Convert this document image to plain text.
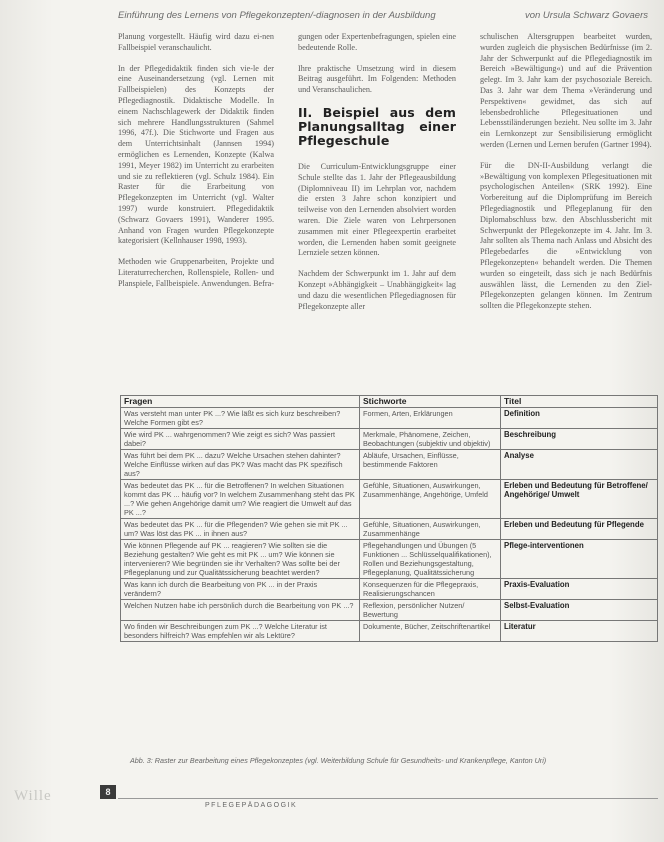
Einführung des Lernens von Pflegekonzepten/-diagnosen in der Ausbildung	von Ursula Schwarz Govaers

Planung vorgestellt. Häufig wird dazu ei-nen Fallbeispiel veranschaulicht.

In der Pflegedidaktik finden sich vie-le der eine Auseinandersetzung (vgl. Lernen mit Fallbeispielen) des Konzepts der Pflegediagnostik. Didaktische Modelle. In einem Nachschlagewerk der Didaktik finden sich mehrere Handlungsstrukturen (Sahmel 1996, 47f.). Die Stichworte und Fragen aus dem Unterrichtsinhalt (Jannsen 1994) ermöglichen es Lernenden, Konzepte (Kalwa 1991, Meyer 1982) im Unterricht zu erarbeiten und sie zu reflektieren (vgl. Schulz 1984). Ein Raster für die Erarbeitung von Pflegekonzepten im Unterricht (vgl. Walter 1997) wurde konstruiert. Pflegedidaktik (Schwarz Govaers 1991), Wanderer 1995. Anhand von Fragen wurden Pflegekonzepte kategorisiert (Kellnhauser 1998, 1993).

Methoden wie Gruppenarbeiten, Projekte und Literaturrecherchen, Rollenspiele, Rollen- und Planspiele, Fallbeispiele. Anwendungen. Befra-

gungen oder Expertenbefragungen, spielen eine bedeutende Rolle.

Ihre praktische Umsetzung wird in diesem Beitrag ausgeführt. Im Folgenden: Methoden und Veranschaulichen.

II. Beispiel aus dem Planungsalltag einer Pflegeschule

Die Curriculum-Entwicklungsgruppe einer Schule stellte das 1. Jahr der Pflegeausbildung (Diplomniveau II) im Lehrplan vor, nachdem die ersten 3 Jahre schon konzipiert und teilweise von den Lernenden absolviert worden waren. Die Ziele waren von Lehrpersonen zusammen mit einer Pflegeexpertin erarbeitet worden, die Lernenden haben somit geeignete Lernziele setzen können.

Nachdem der Schwerpunkt im 1. Jahr auf dem Konzept »Abhängigkeit – Unabhängigkeit« lag und dazu die wesentlichen Pflegediagnosen für Pflegekonzepte aller

schulischen Altersgruppen bearbeitet wurden, wurden zugleich die physischen Bedürfnisse (im 2. Jahr der Schwerpunkt auf die Pflegediagnostik im Bereich »Bewältigung«) und auf die Prävention gelegt. Im 3. Jahr kam der psychosoziale Bereich. Das 3. Jahr war dem Thema »Veränderung und Perspektiven« gewidmet, das sich auf lebensbedrohliche Pflegesituationen und Lebensstiländerungen bezieht. Neu sollte im 3. Jahr ein Lernkonzept zur Sensibilisierung ermöglicht werden (Lernen und Lernen berufen (Gartner 1994).

Für die DN-II-Ausbildung verlangt die »Bewältigung von komplexen Pflegesituationen mit psychologischen Anteilen« (SRK 1992). Eine Vorbereitung auf die Diplomprüfung im Bereich Pflegediagnostik und Pflegeplanung für den Diplomabschluss bzw. den Abschlussbericht mit Schwerpunkt der Pflegekonzepte im 4. Jahr. Im 3. Jahr sollten als Thema nach Anlass und Absicht des Pflegebedarfes die »Entwicklung von Pflegekonzepten« behandelt werden. Die Themen wurden so eingeteilt, dass sich je nach Bedürfnis auswählen lässt, die Lernenden zu den Ziel-Pflegekonzepten gelangen können. Im Zentrum sollten die Pflegekonzepte stehen.

Fragen	Stichworte	Titel
Was versteht man unter PK ...? Wie läßt es sich kurz beschreiben? Welche Formen gibt es?	Formen, Arten, Erklärungen	Definition
Wie wird PK ... wahrgenommen? Wie zeigt es sich? Was passiert dabei?	Merkmale, Phänomene, Zeichen, Beobachtungen (subjektiv und objektiv)	Beschreibung
Was führt bei dem PK ... dazu? Welche Ursachen stehen dahinter? Welche Einflüsse wirken auf das PK? Was macht das PK spezifisch aus?	Abläufe, Ursachen, Einflüsse, bestimmende Faktoren	Analyse
Was bedeutet das PK ... für die Betroffenen? In welchen Situationen kommt das PK ... häufig vor? In welchem Zusammenhang steht das PK ...? Wie gehen Angehörige damit um? Wie reagiert die Umwelt auf das PK ...?	Gefühle, Situationen, Auswirkungen, Zusammenhänge, Angehörige, Umfeld	Erleben und Bedeutung für Betroffene/ Angehörige/ Umwelt
Was bedeutet das PK ... für die Pflegenden? Wie gehen sie mit PK ... um? Was löst das PK ... in ihnen aus?	Gefühle, Situationen, Auswirkungen, Zusammenhänge	Erleben und Bedeutung für Pflegende
Wie können Pflegende auf PK ... reagieren? Wie sollten sie die Beziehung gestalten? Wie geht es mit PK ... um? Wie können sie intervenieren? Wie begründen sie ihr Verhalten? Was sollte bei der Pflegeplanung und zur Qualitätssicherung beachtet werden?	Pflegehandlungen und Übungen (5 Funktionen ... Schlüsselqualifikationen), Rollen und Beziehungsgestaltung, Pflegeplanung, Qualitätssicherung	Pflege-interventionen
Was kann ich durch die Bearbeitung von PK ... in der Praxis verändern?	Konsequenzen für die Pflegepraxis, Realisierungschancen	Praxis-Evaluation
Welchen Nutzen habe ich persönlich durch die Bearbeitung von PK ...?	Reflexion, persönlicher Nutzen/ Bewertung	Selbst-Evaluation
Wo finden wir Beschreibungen zum PK ...? Welche Literatur ist besonders hilfreich? Was empfehlen wir als Lektüre?	Dokumente, Bücher, Zeitschriftenartikel	Literatur
Abb. 3: Raster zur Bearbeitung eines Pflegekonzeptes (vgl. Weiterbildung Schule für Gesundheits- und Krankenpflege, Kanton Uri)
Wille	8
PFLEGEPÄDAGOGIK
